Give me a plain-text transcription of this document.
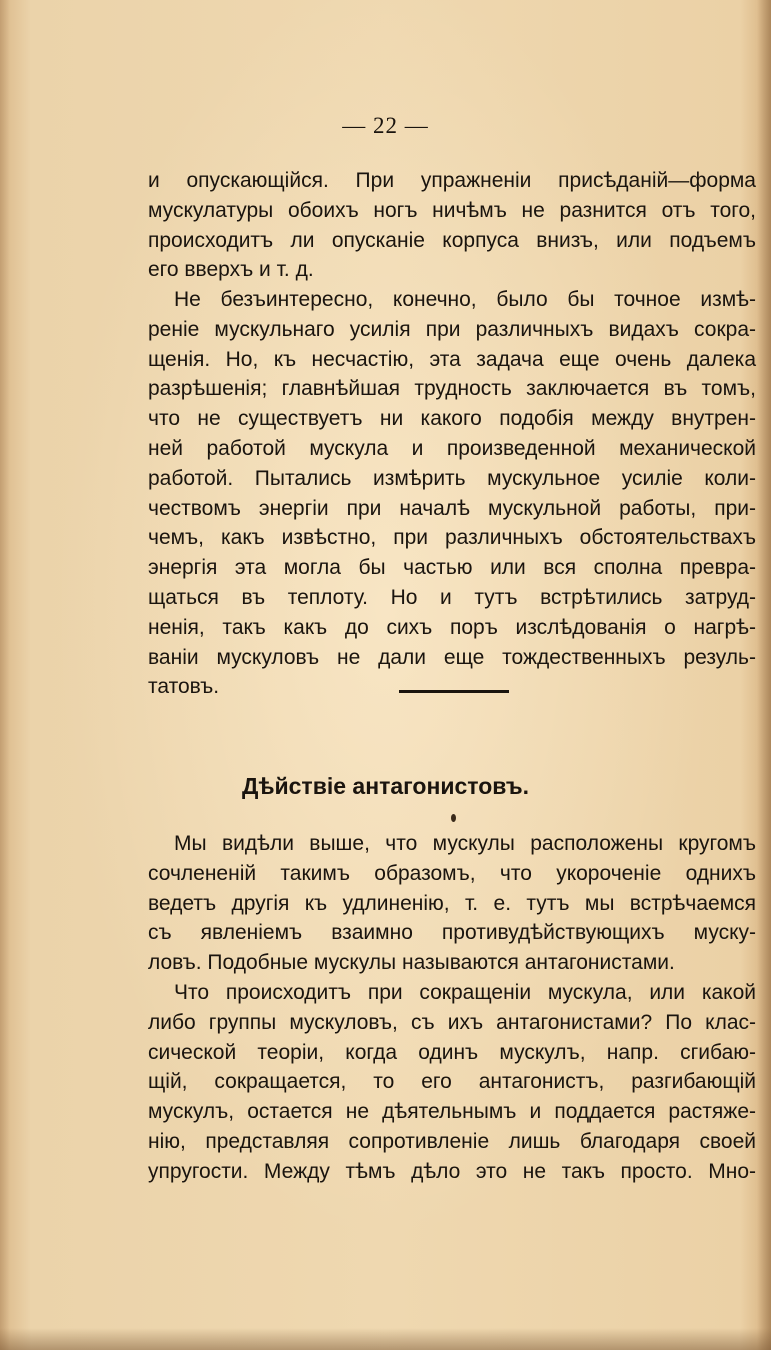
— 22 —
и опускающійся. При упражненіи присѣданій—форма
мускулатуры обоихъ ногъ ничѣмъ не разнится отъ того,
происходитъ ли опусканіе корпуса внизъ, или подъемъ
его вверхъ и т. д.
Не безъинтересно, конечно, было бы точное измѣ-
реніе мускульнаго усилія при различныхъ видахъ сокра-
щенія. Но, къ несчастію, эта задача еще очень далека
разрѣшенія; главнѣйшая трудность заключается въ томъ,
что не существуетъ ни какого подобія между внутрен-
ней работой мускула и произведенной механической
работой. Пытались измѣрить мускульное усиліе коли-
чествомъ энергіи при началѣ мускульной работы, при-
чемъ, какъ извѣстно, при различныхъ обстоятельствахъ
энергія эта могла бы частью или вся сполна превра-
щаться въ теплоту. Но и тутъ встрѣтились затруд-
ненія, такъ какъ до сихъ поръ изслѣдованія о нагрѣ-
ваніи мускуловъ не дали еще тождественныхъ резуль-
татовъ.
Дѣйствіе антагонистовъ.
Мы видѣли выше, что мускулы расположены кругомъ
сочлененій такимъ образомъ, что укороченіе однихъ
ведетъ другія къ удлиненію, т. е. тутъ мы встрѣчаемся
съ явленіемъ взаимно противудѣйствующихъ муску-
ловъ. Подобные мускулы называются антагонистами.
Что происходитъ при сокращеніи мускула, или какой
либо группы мускуловъ, съ ихъ антагонистами? По клас-
сической теоріи, когда одинъ мускулъ, напр. сгибаю-
щій, сокращается, то его антагонистъ, разгибающій
мускулъ, остается не дѣятельнымъ и поддается растяже-
нію, представляя сопротивленіе лишь благодаря своей
упругости. Между тѣмъ дѣло это не такъ просто. Мно-
